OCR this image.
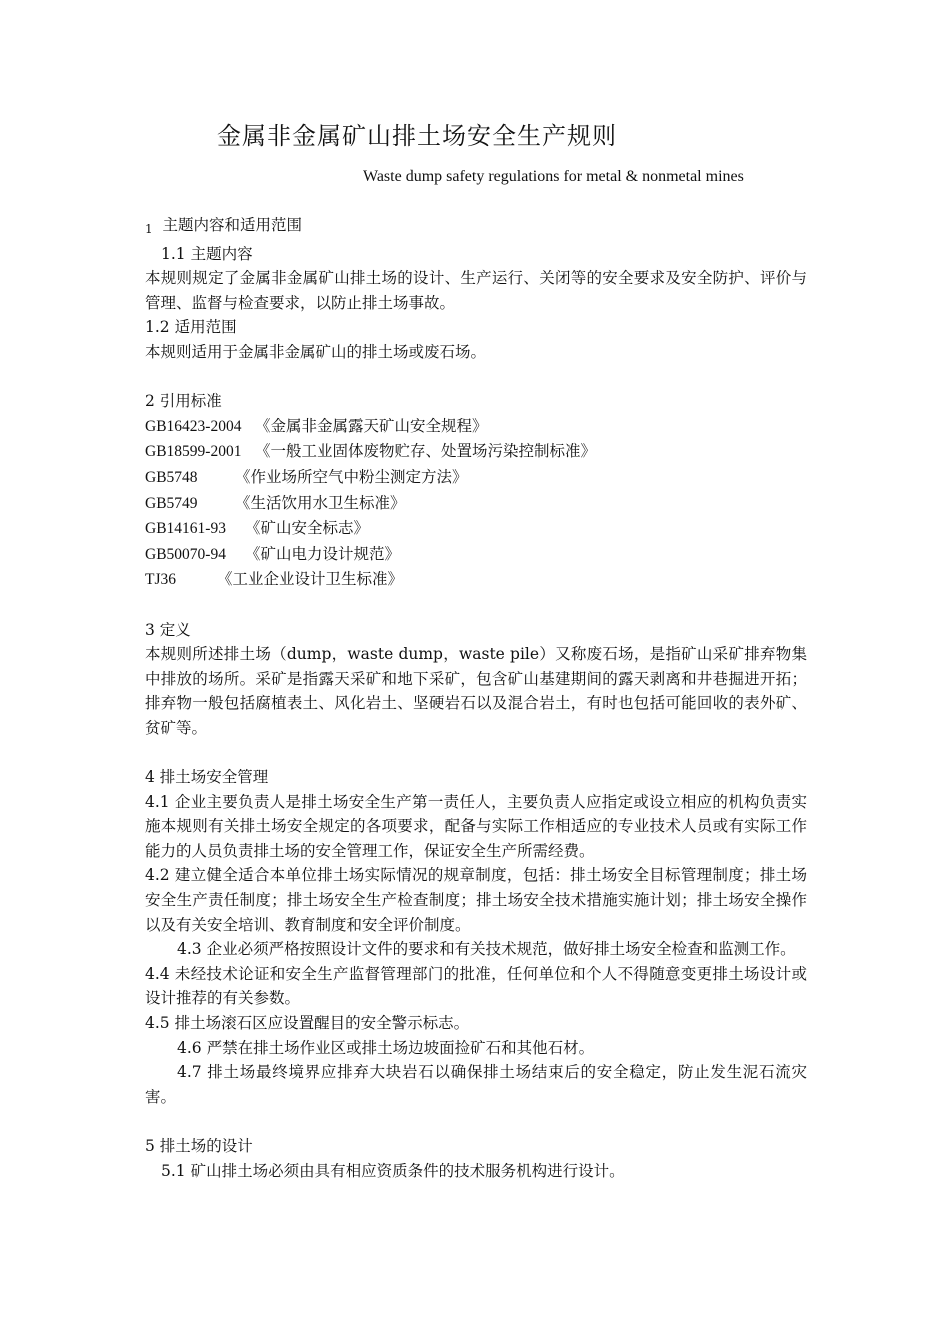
金属非金属矿山排土场安全生产规则
Waste dump safety regulations for metal & nonmetal mines
1 主题内容和适用范围
1.1 主题内容
本规则规定了金属非金属矿山排土场的设计、生产运行、关闭等的安全要求及安全防护、评价与管理、监督与检查要求，以防止排土场事故。
1.2 适用范围
本规则适用于金属非金属矿山的排土场或废石场。
2 引用标准
GB16423-2004 《金属非金属露天矿山安全规程》
GB18599-2001 《一般工业固体废物贮存、处置场污染控制标准》
GB5748 《作业场所空气中粉尘测定方法》
GB5749 《生活饮用水卫生标准》
GB14161-93 《矿山安全标志》
GB50070-94 《矿山电力设计规范》
TJ36	《工业企业设计卫生标准》
3 定义
本规则所述排土场（dump，waste dump，waste pile）又称废石场，是指矿山采矿排弃物集中排放的场所。采矿是指露天采矿和地下采矿，包含矿山基建期间的露天剥离和井巷掘进开拓；排弃物一般包括腐植表土、风化岩土、坚硬岩石以及混合岩土，有时也包括可能回收的表外矿、贫矿等。
4 排土场安全管理
4.1 企业主要负责人是排土场安全生产第一责任人，主要负责人应指定或设立相应的机构负责实施本规则有关排土场安全规定的各项要求，配备与实际工作相适应的专业技术人员或有实际工作能力的人员负责排土场的安全管理工作，保证安全生产所需经费。
4.2 建立健全适合本单位排土场实际情况的规章制度，包括：排土场安全目标管理制度；排土场安全生产责任制度；排土场安全生产检查制度；排土场安全技术措施实施计划；排土场安全操作以及有关安全培训、教育制度和安全评价制度。
4.3 企业必须严格按照设计文件的要求和有关技术规范，做好排土场安全检查和监测工作。
4.4 未经技术论证和安全生产监督管理部门的批准，任何单位和个人不得随意变更排土场设计或设计推荐的有关参数。
4.5 排土场滚石区应设置醒目的安全警示标志。
4.6 严禁在排土场作业区或排土场边坡面捡矿石和其他石材。
4.7 排土场最终境界应排弃大块岩石以确保排土场结束后的安全稳定，防止发生泥石流灾害。
5 排土场的设计
5.1 矿山排土场必须由具有相应资质条件的技术服务机构进行设计。
